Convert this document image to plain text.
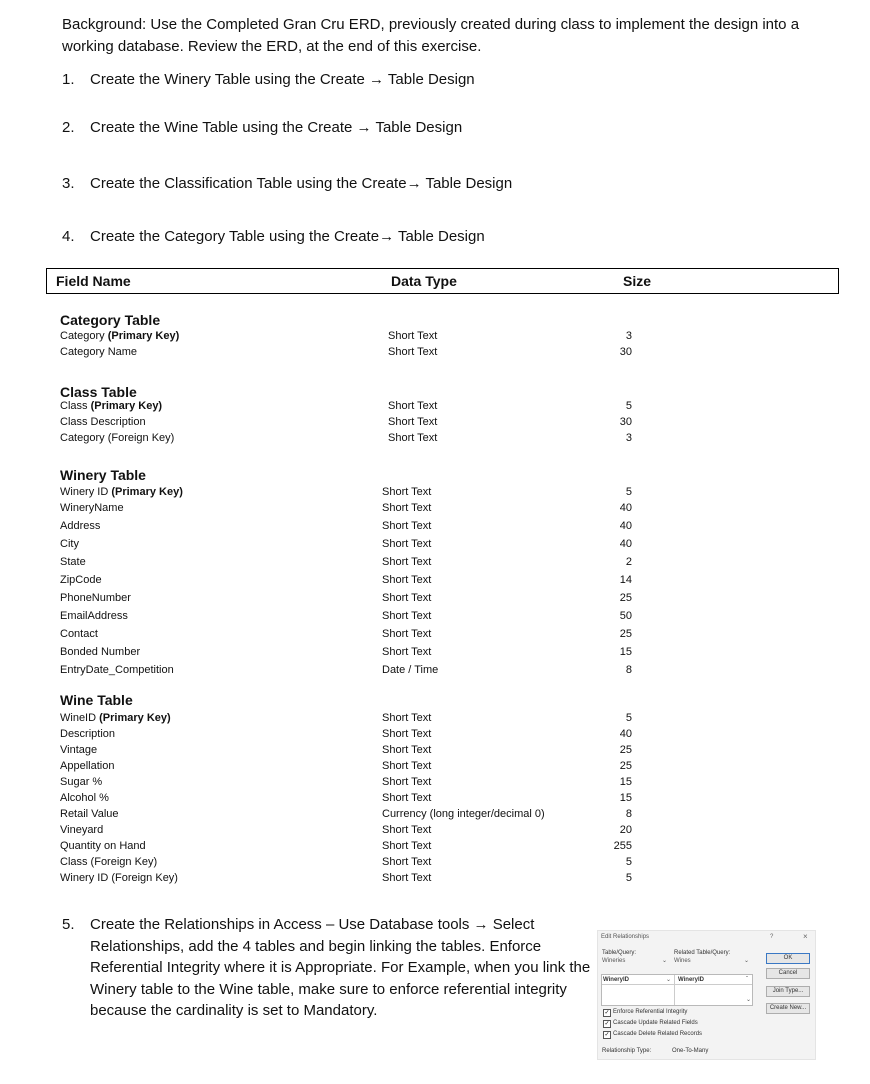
Background: Use the Completed Gran Cru ERD, previously created during class to implement the design into a working database. Review the ERD, at the end of this exercise.
1. Create the Winery Table using the Create → Table Design
2. Create the Wine Table using the Create → Table Design
3. Create the Classification Table using the Create→ Table Design
4. Create the Category Table using the Create→ Table Design
Field Name	Data Type	Size
Category Table
Category (Primary Key)	Short Text	3
Category Name	Short Text	30
Class Table
Class (Primary Key)	Short Text	5
Class Description	Short Text	30
Category (Foreign Key)	Short Text	3
Winery Table
Winery ID (Primary Key)	Short Text	5
WineryName	Short Text	40
Address	Short Text	40
City	Short Text	40
State	Short Text	2
ZipCode	Short Text	14
PhoneNumber	Short Text	25
EmailAddress	Short Text	50
Contact	Short Text	25
Bonded Number	Short Text	15
EntryDate_Competition	Date / Time	8
Wine Table
WineID (Primary Key)	Short Text	5
Description	Short Text	40
Vintage	Short Text	25
Appellation	Short Text	25
Sugar %	Short Text	15
Alcohol %	Short Text	15
Retail Value	Currency (long integer/decimal 0)	8
Vineyard	Short Text	20
Quantity on Hand	Short Text	255
Class (Foreign Key)	Short Text	5
Winery ID (Foreign Key)	Short Text	5
5. Create the Relationships in Access – Use Database tools → Select Relationships, add the 4 tables and begin linking the tables. Enforce Referential Integrity where it is Appropriate. For Example, when you link the Winery table to the Wine table, make sure to enforce referential integrity because the cardinality is set to Mandatory.
Edit Relationships	?	×
Table/Query:	Related Table/Query:
Wineries	⌄ Wines	⌄
WineryID	⌄ WineryID	ˆ
⌄
OK
Cancel
Join Type...
Create New...
✓ Enforce Referential Integrity
✓ Cascade Update Related Fields
✓ Cascade Delete Related Records
Relationship Type:	One-To-Many
